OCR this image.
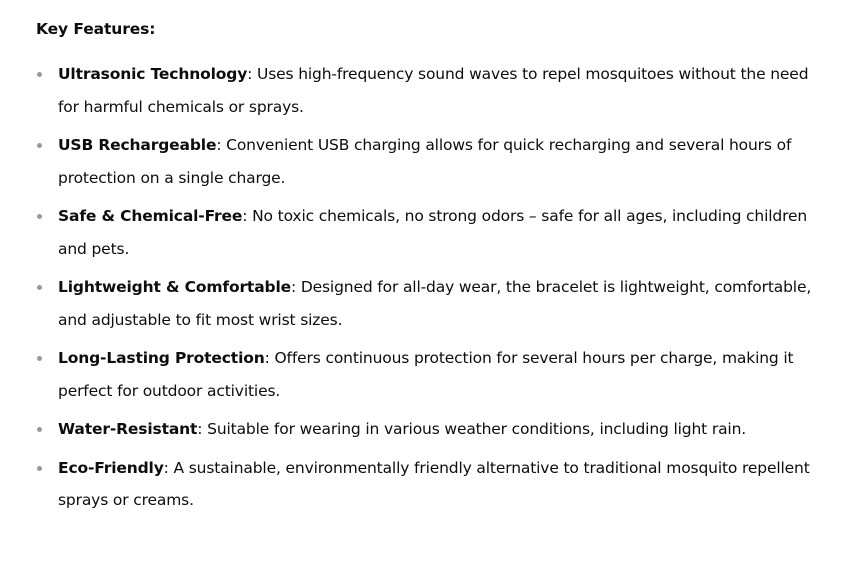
Key Features:
Ultrasonic Technology: Uses high-frequency sound waves to repel mosquitoes without the need for harmful chemicals or sprays.
USB Rechargeable: Convenient USB charging allows for quick recharging and several hours of protection on a single charge.
Safe & Chemical-Free: No toxic chemicals, no strong odors – safe for all ages, including children and pets.
Lightweight & Comfortable: Designed for all-day wear, the bracelet is lightweight, comfortable, and adjustable to fit most wrist sizes.
Long-Lasting Protection: Offers continuous protection for several hours per charge, making it perfect for outdoor activities.
Water-Resistant: Suitable for wearing in various weather conditions, including light rain.
Eco-Friendly: A sustainable, environmentally friendly alternative to traditional mosquito repellent sprays or creams.
